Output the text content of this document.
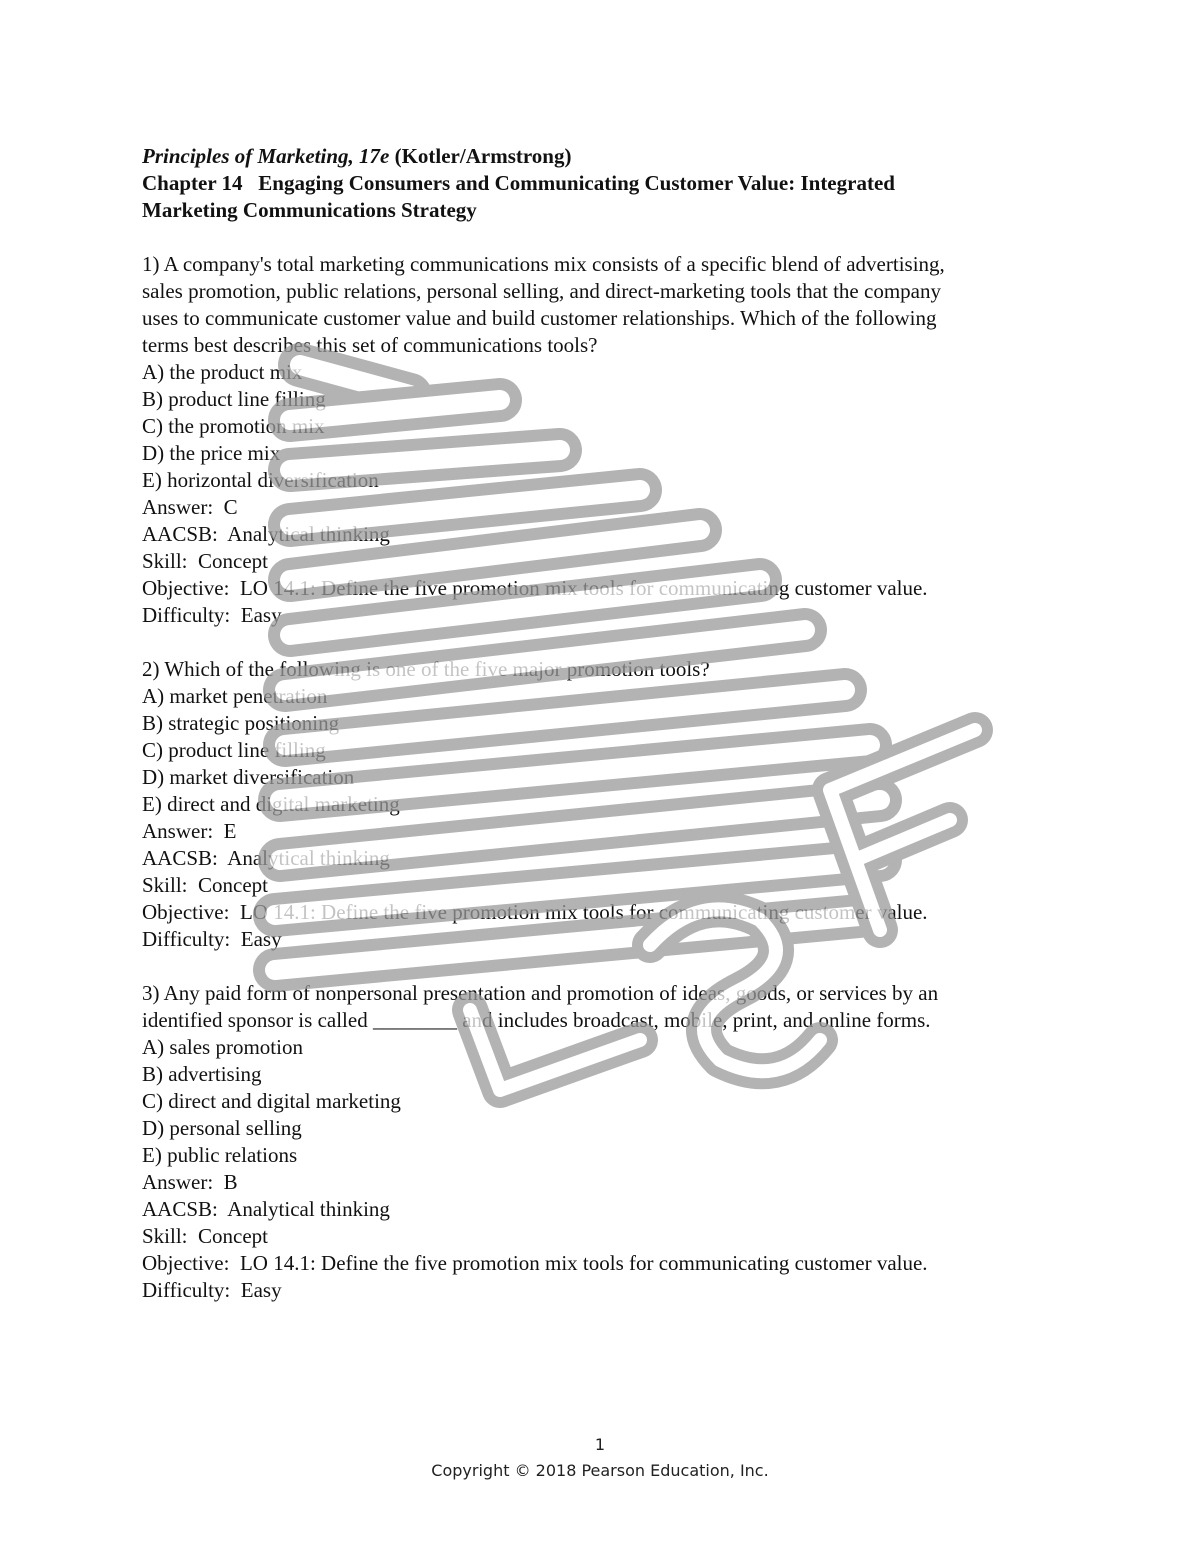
Principles of Marketing, 17e (Kotler/Armstrong)
Chapter 14   Engaging Consumers and Communicating Customer Value: Integrated
Marketing Communications Strategy
1) A company's total marketing communications mix consists of a specific blend of advertising,
sales promotion, public relations, personal selling, and direct-marketing tools that the company
uses to communicate customer value and build customer relationships. Which of the following
terms best describes this set of communications tools?
A) the product mix
B) product line filling
C) the promotion mix
D) the price mix
E) horizontal diversification
Answer:  C
AACSB:  Analytical thinking
Skill:  Concept
Objective:  LO 14.1: Define the five promotion mix tools for communicating customer value.
Difficulty:  Easy
2) Which of the following is one of the five major promotion tools?
A) market penetration
B) strategic positioning
C) product line filling
D) market diversification
E) direct and digital marketing
Answer:  E
AACSB:  Analytical thinking
Skill:  Concept
Objective:  LO 14.1: Define the five promotion mix tools for communicating customer value.
Difficulty:  Easy
3) Any paid form of nonpersonal presentation and promotion of ideas, goods, or services by an
identified sponsor is called ________ and includes broadcast, mobile, print, and online forms.
A) sales promotion
B) advertising
C) direct and digital marketing
D) personal selling
E) public relations
Answer:  B
AACSB:  Analytical thinking
Skill:  Concept
Objective:  LO 14.1: Define the five promotion mix tools for communicating customer value.
Difficulty:  Easy
1
Copyright © 2018 Pearson Education, Inc.
